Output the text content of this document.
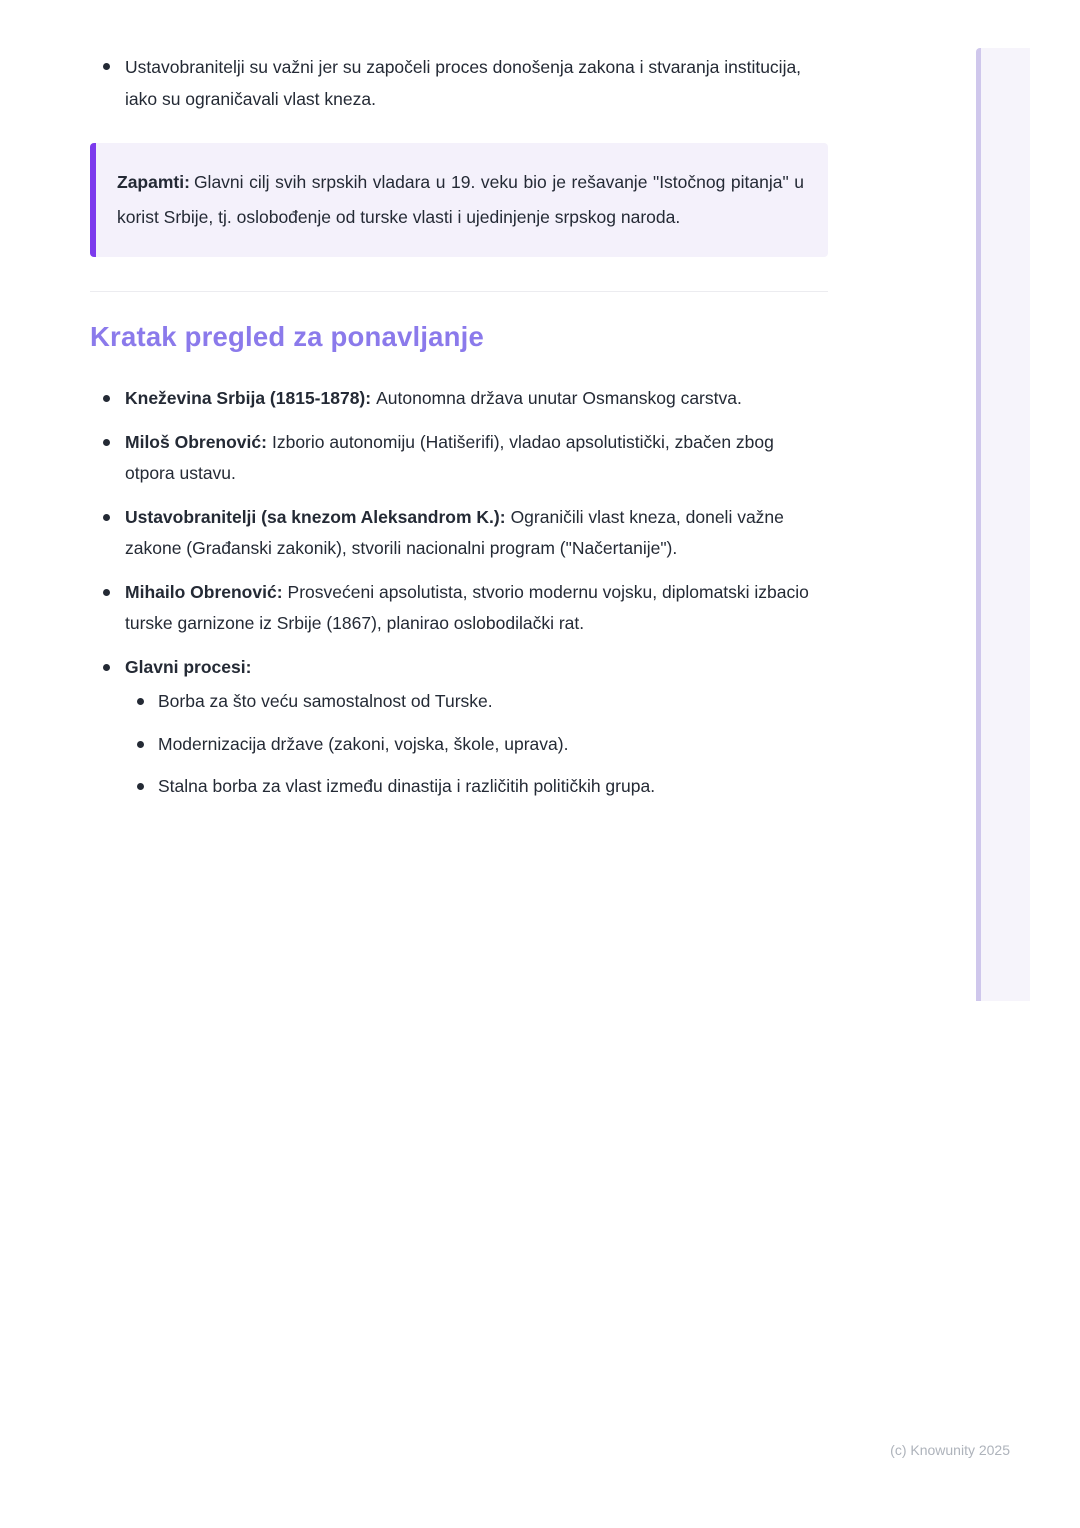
Ustavobranitelji su važni jer su započeli proces donošenja zakona i stvaranja institucija, iako su ograničavali vlast kneza.

Zapamti: Glavni cilj svih srpskih vladara u 19. veku bio je rešavanje "Istočnog pitanja" u korist Srbije, tj. oslobođenje od turske vlasti i ujedinjenje srpskog naroda.

Kratak pregled za ponavljanje
Kneževina Srbija (1815-1878): Autonomna država unutar Osmanskog carstva.
Miloš Obrenović: Izborio autonomiju (Hatišerifi), vladao apsolutistički, zbačen zbog otpora ustavu.
Ustavobranitelji (sa knezom Aleksandrom K.): Ograničili vlast kneza, doneli važne zakone (Građanski zakonik), stvorili nacionalni program ("Načertanije").
Mihailo Obrenović: Prosvećeni apsolutista, stvorio modernu vojsku, diplomatski izbacio turske garnizone iz Srbije (1867), planirao oslobodilački rat.
Glavni procesi:
Borba za što veću samostalnost od Turske.
Modernizacija države (zakoni, vojska, škole, uprava).
Stalna borba za vlast između dinastija i različitih političkih grupa.
(c) Knowunity 2025
